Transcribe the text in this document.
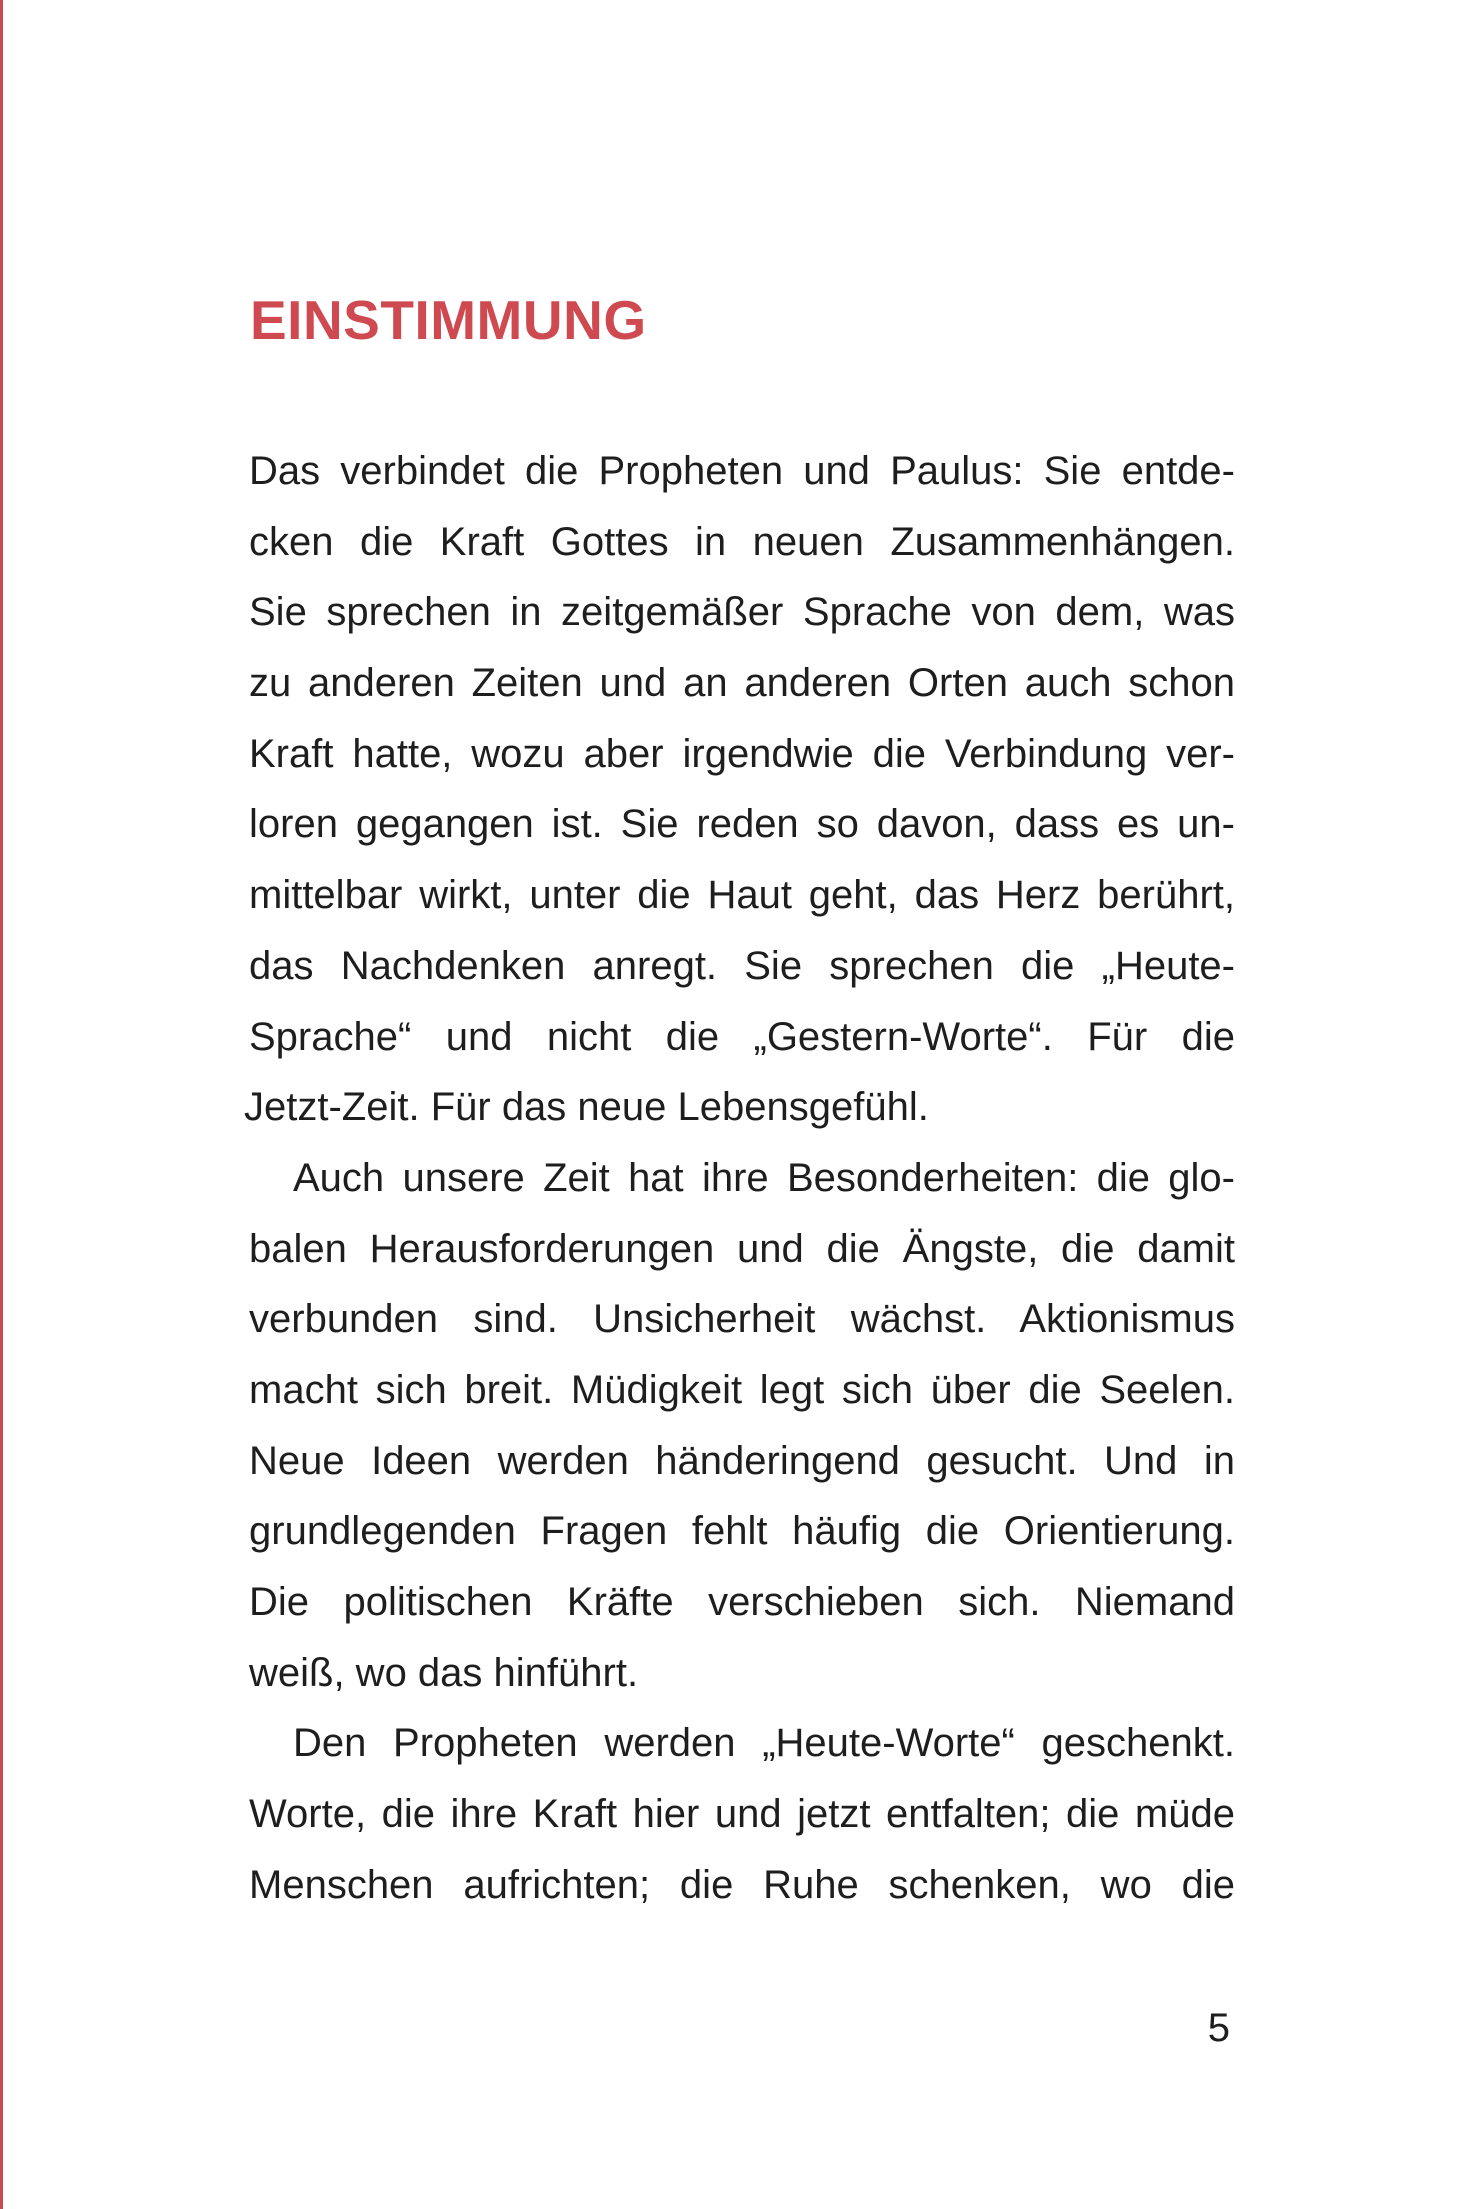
EINSTIMMUNG
Das verbindet die Propheten und Paulus: Sie entde-
cken die Kraft Gottes in neuen Zusammenhängen.
Sie sprechen in zeitgemäßer Sprache von dem, was
zu anderen Zeiten und an anderen Orten auch schon
Kraft hatte, wozu aber irgendwie die Verbindung ver-
loren gegangen ist. Sie reden so davon, dass es un-
mittelbar wirkt, unter die Haut geht, das Herz berührt,
das Nachdenken anregt. Sie sprechen die „Heute-
Sprache“ und nicht die „Gestern-Worte“. Für die
Jetzt-Zeit. Für das neue Lebensgefühl.
Auch unsere Zeit hat ihre Besonderheiten: die glo-
balen Herausforderungen und die Ängste, die damit
verbunden sind. Unsicherheit wächst. Aktionismus
macht sich breit. Müdigkeit legt sich über die Seelen.
Neue Ideen werden händeringend gesucht. Und in
grundlegenden Fragen fehlt häufig die Orientierung.
Die politischen Kräfte verschieben sich. Niemand
weiß, wo das hinführt.
Den Propheten werden „Heute-Worte“ geschenkt.
Worte, die ihre Kraft hier und jetzt entfalten; die müde
Menschen aufrichten; die Ruhe schenken, wo die
5
